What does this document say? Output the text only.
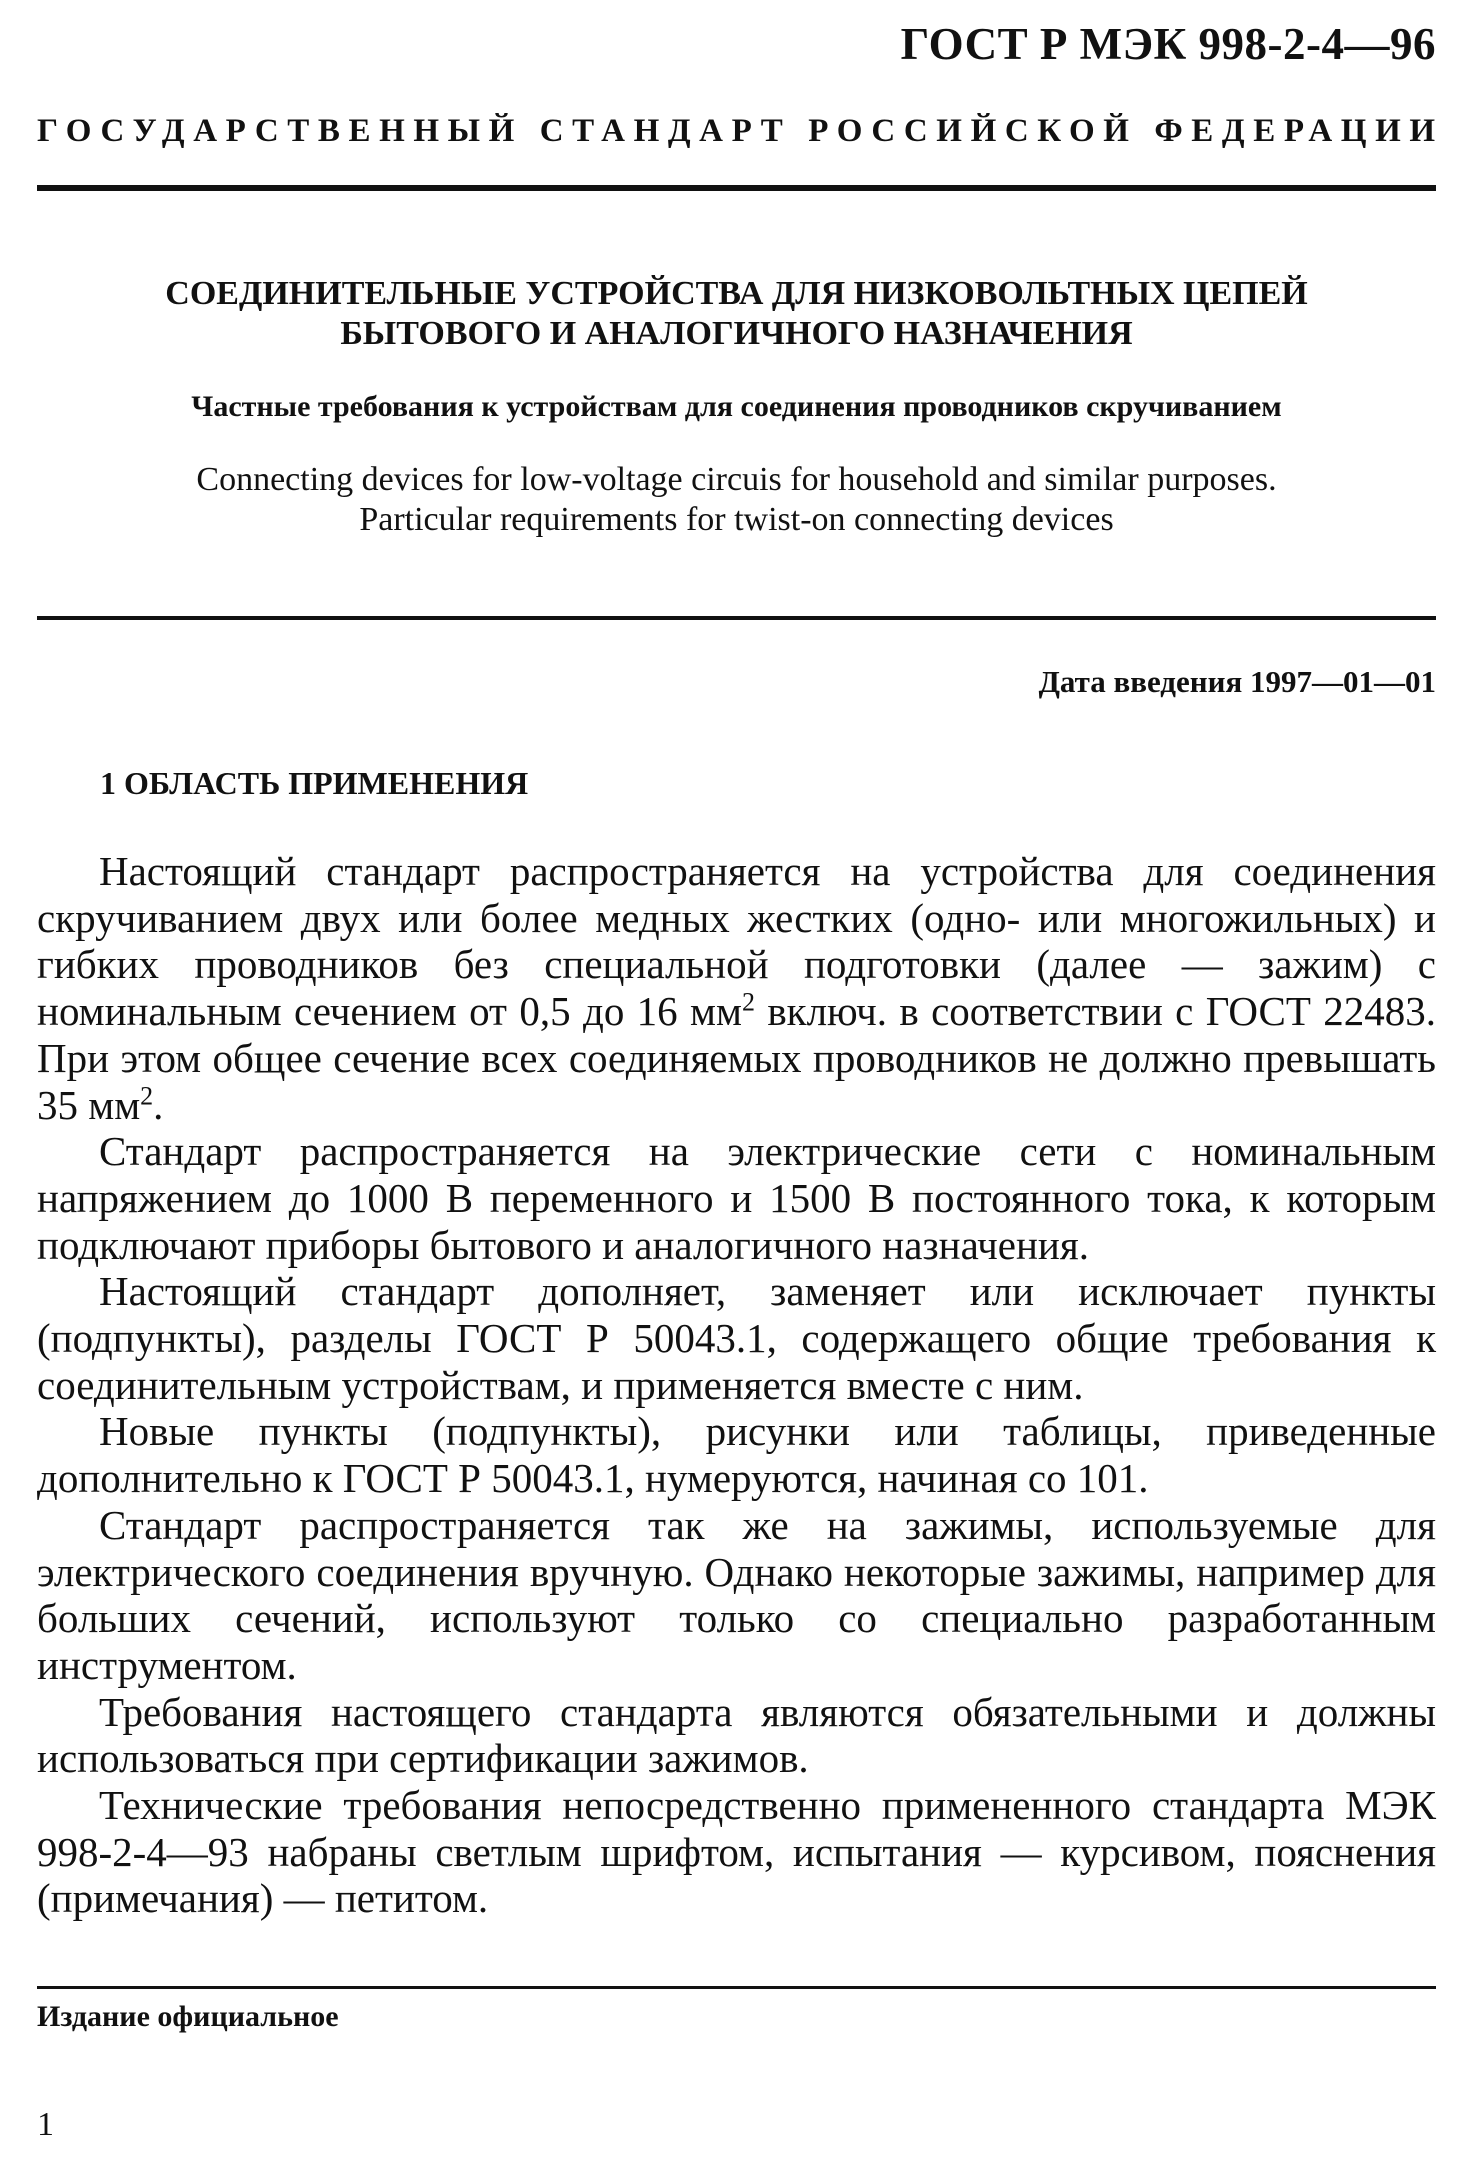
ГОСТ Р МЭК 998-2-4—96
ГОСУДАРСТВЕННЫЙ СТАНДАРТ РОССИЙСКОЙ ФЕДЕРАЦИИ
СОЕДИНИТЕЛЬНЫЕ УСТРОЙСТВА ДЛЯ НИЗКОВОЛЬТНЫХ ЦЕПЕЙ
БЫТОВОГО И АНАЛОГИЧНОГО НАЗНАЧЕНИЯ
Частные требования к устройствам для соединения проводников скручиванием
Connecting devices for low-voltage circuis for household and similar purposes.
Particular requirements for twist-on connecting devices
Дата введения 1997—01—01
1 ОБЛАСТЬ ПРИМЕНЕНИЯ

Настоящий стандарт распространяется на устройства для соединения скручиванием двух или более медных жестких (одно- или многожильных) и гибких проводников без специальной подготовки (далее — зажим) с номинальным сечением от 0,5 до 16 $мм^2$ включ. в соответствии с ГОСТ 22483. При этом общее сечение всех соединяемых проводников не должно превышать 35 $мм^2$.

Стандарт распространяется на электрические сети с номинальным напряжением до 1000 В переменного и 1500 В постоянного тока, к которым подключают приборы бытового и аналогичного назначения.

Настоящий стандарт дополняет, заменяет или исключает пункты (подпункты), разделы ГОСТ Р 50043.1, содержащего общие требования к соединительным устройствам, и применяется вместе с ним.

Новые пункты (подпункты), рисунки или таблицы, приведенные дополнительно к ГОСТ Р 50043.1, нумеруются, начиная со 101.

Стандарт распространяется так же на зажимы, используемые для электрического соединения вручную. Однако некоторые зажимы, например для больших сечений, используют только со специально разработанным инструментом.

Требования настоящего стандарта являются обязательными и должны использоваться при сертификации зажимов.

Технические требования непосредственно примененного стандарта МЭК 998-2-4—93 набраны светлым шрифтом, испытания — курсивом, пояснения (примечания) — петитом.

Издание официальное
1
